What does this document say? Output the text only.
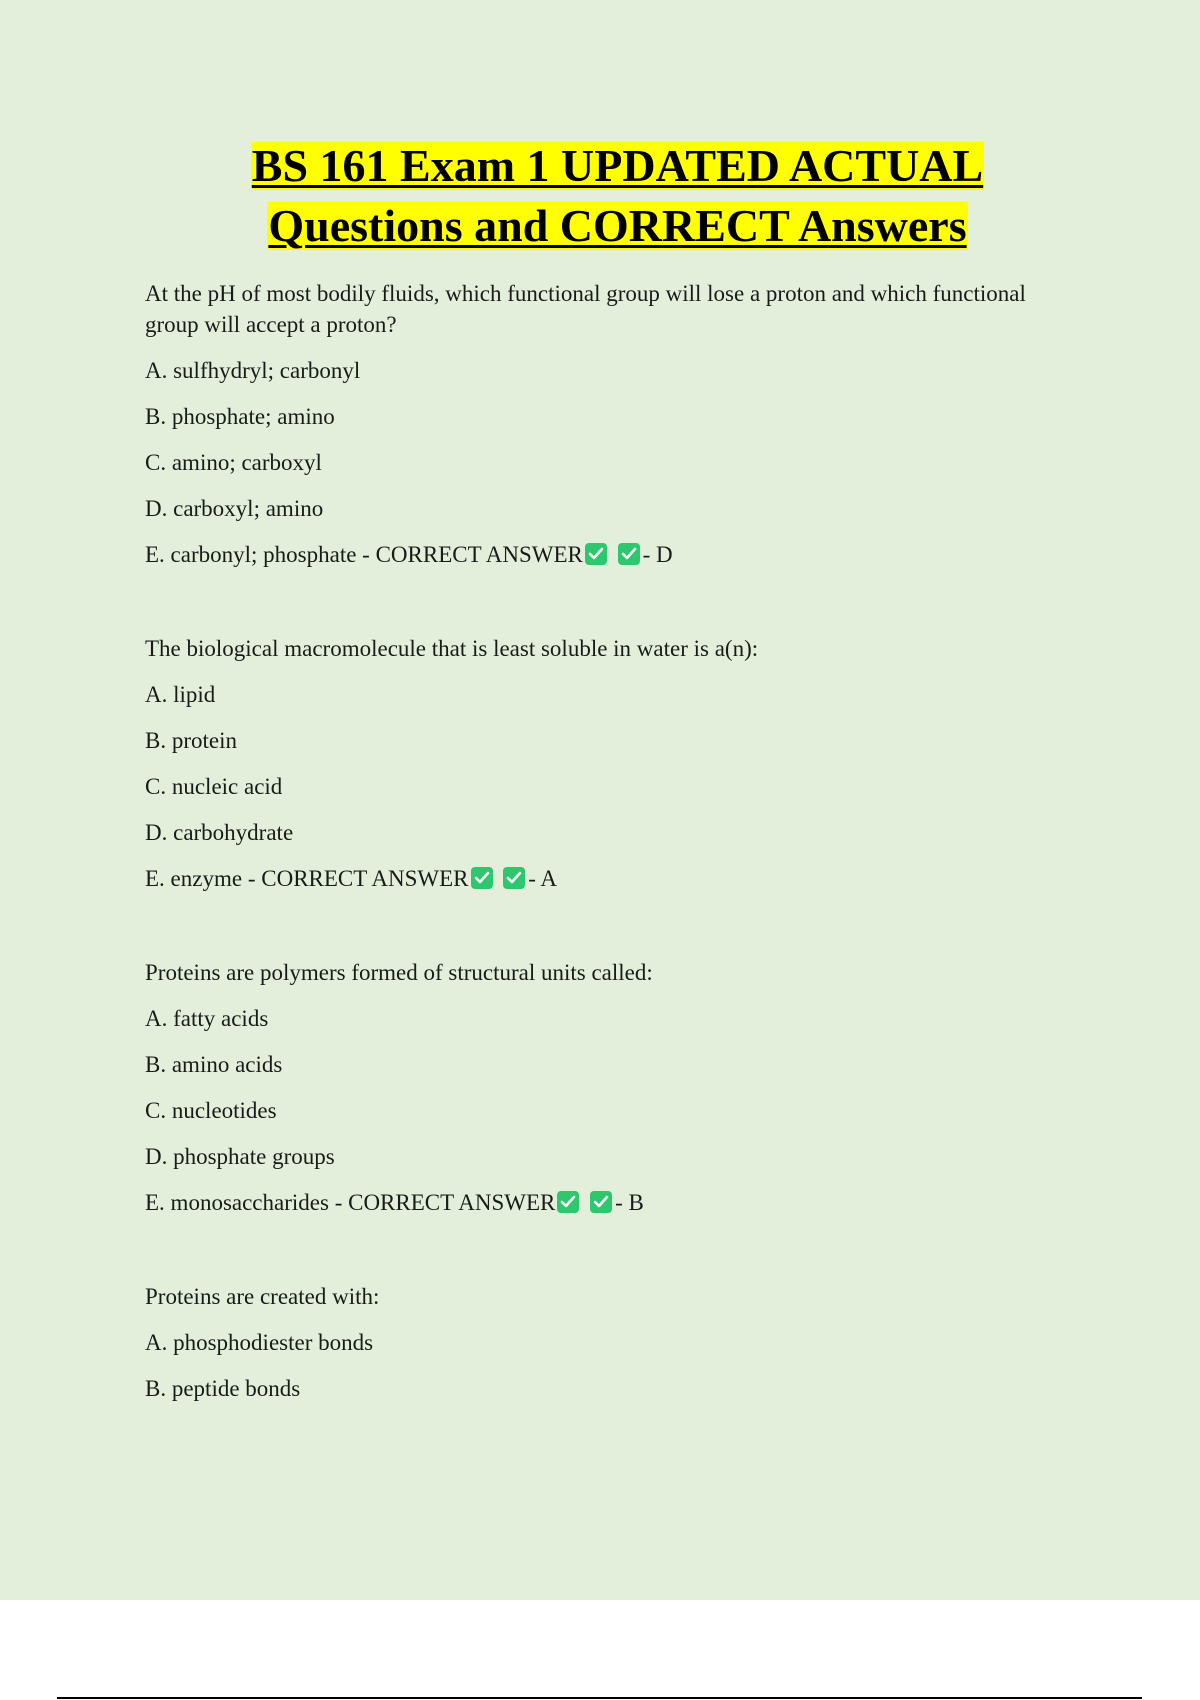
BS 161 Exam 1 UPDATED ACTUAL
Questions and CORRECT Answers

At the pH of most bodily fluids, which functional group will lose a proton and which functional group will accept a proton?

A. sulfhydryl; carbonyl

B. phosphate; amino

C. amino; carboxyl

D. carboxyl; amino

E. carbonyl; phosphate - CORRECT ANSWER
	- D

The biological macromolecule that is least soluble in water is a(n):

A. lipid

B. protein

C. nucleic acid

D. carbohydrate

E. enzyme - CORRECT ANSWER
	- A

Proteins are polymers formed of structural units called:

A. fatty acids

B. amino acids

C. nucleotides

D. phosphate groups

E. monosaccharides - CORRECT ANSWER
	- B

Proteins are created with:

A. phosphodiester bonds

B. peptide bonds
